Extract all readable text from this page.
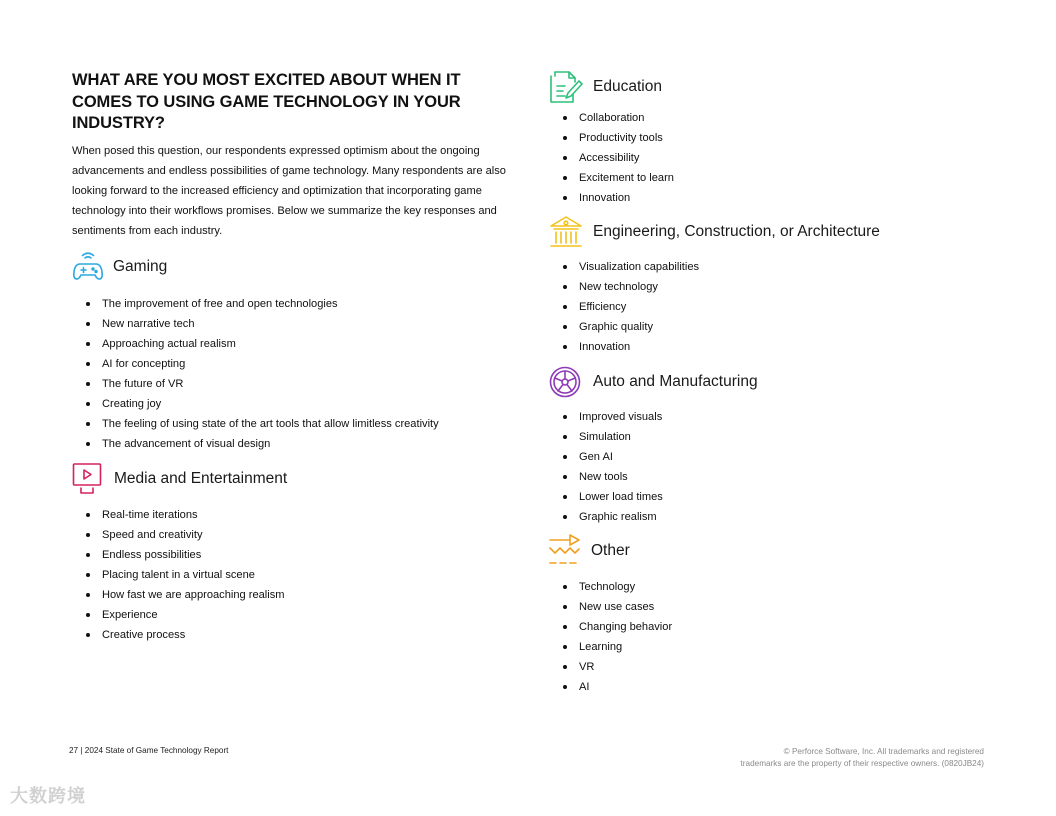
WHAT ARE YOU MOST EXCITED ABOUT WHEN IT COMES TO USING GAME TECHNOLOGY IN YOUR INDUSTRY?

When posed this question, our respondents expressed optimism about the ongoing advancements and endless possibilities of game technology. Many respondents are also looking forward to the increased efficiency and optimization that incorporating game technology into their workflows promises. Below we summarize the key responses and sentiments from each industry.

Gaming
The improvement of free and open technologies
New narrative tech
Approaching actual realism
AI for concepting
The future of VR
Creating joy
The feeling of using state of the art tools that allow limitless creativity
The advancement of visual design
Media and Entertainment
Real-time iterations
Speed and creativity
Endless possibilities
Placing talent in a virtual scene
How fast we are approaching realism
Experience
Creative process
Education
Collaboration
Productivity tools
Accessibility
Excitement to learn
Innovation
Engineering, Construction, or Architecture
Visualization capabilities
New technology
Efficiency
Graphic quality
Innovation
Auto and Manufacturing
Improved visuals
Simulation
Gen AI
New tools
Lower load times
Graphic realism
Other
Technology
New use cases
Changing behavior
Learning
VR
AI
27 | 2024 State of Game Technology Report	© Perforce Software, Inc. All trademarks and registered
trademarks are the property of their respective owners. (0820JB24)
大数跨境
